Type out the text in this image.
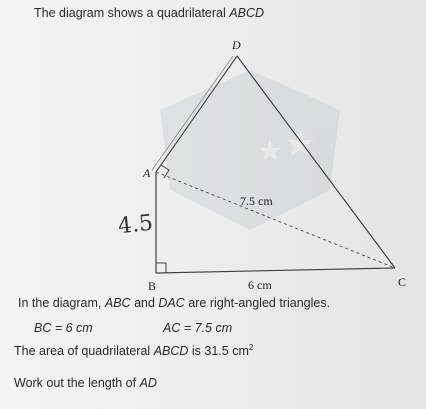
The diagram shows a quadrilateral ABCD
D
A
B	C
7.5 cm
6 cm
4.5
In the diagram, ABC and DAC are right-angled triangles.
BC = 6 cm	AC = 7.5 cm
The area of quadrilateral ABCD is 31.5 $cm^2$
Work out the length of AD
